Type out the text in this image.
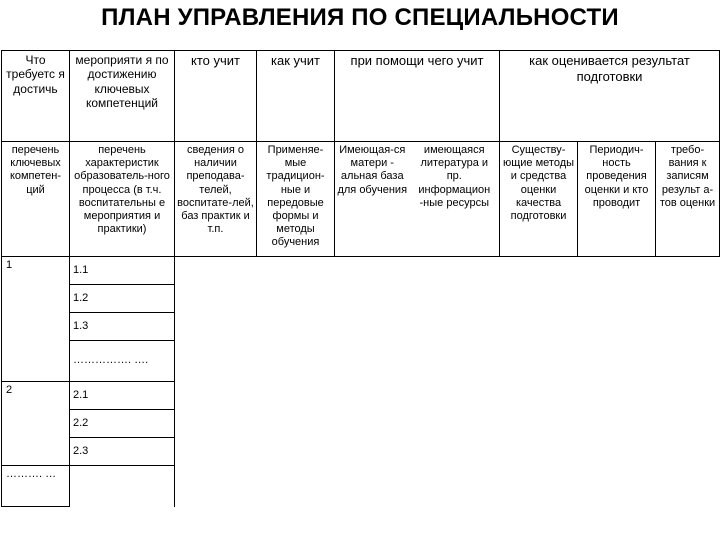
ПЛАН УПРАВЛЕНИЯ ПО СПЕЦИАЛЬНОСТИ
Что требуетс я достичь	мероприяти я по достижению ключевых компетенций	кто учит	как учит	при помощи чего учит		как оценивается результат подготовки		
перечень ключевых компетен-ций	перечень характеристик образователь-ного процесса (в т.ч. воспитательны е мероприятия и практики)	сведения о наличии преподава-телей, воспитате-лей, баз практик и т.п.	Применяе-мые традицион-ные и передовые формы и методы обучения	Имеющая-ся матери - альная база для обучения	имеющаяся литература и пр. информацион -ные ресурсы	Существу-ющие методы и средства оценки качества подготовки	Периодич-ность проведения оценки и кто проводит	требо-вания к записям результ а-тов оценки
1	1.1							
	1.2							
	1.3							
	……………. ….							
2	2.1							
	2.2							
	2.3							
………. …								
